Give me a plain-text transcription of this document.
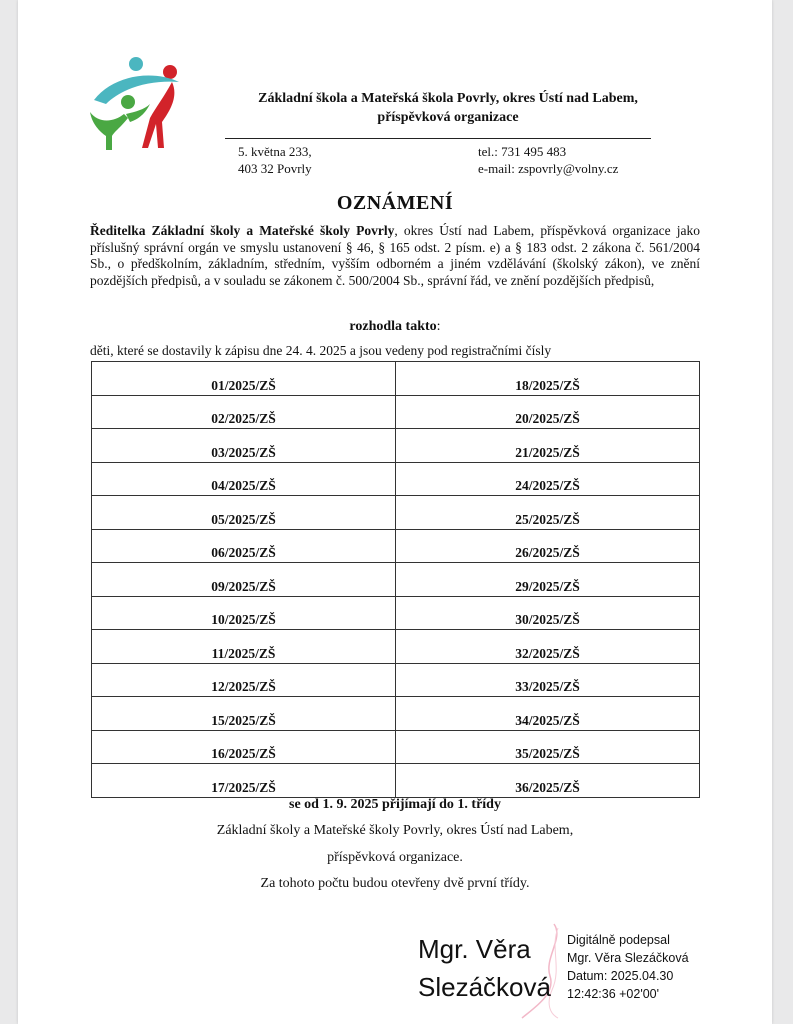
Základní škola a Mateřská škola Povrly, okres Ústí nad Labem,
příspěvková organizace
5. května 233,
403 32 Povrly
tel.: 731 495 483
e-mail: zspovrly@volny.cz
OZNÁMENÍ
Ředitelka Základní školy a Mateřské školy Povrly, okres Ústí nad Labem, příspěvková organizace jako příslušný správní orgán ve smyslu ustanovení § 46, § 165 odst. 2 písm. e) a § 183 odst. 2 zákona č. 561/2004 Sb., o předškolním, základním, středním, vyšším odborném a jiném vzdělávání (školský zákon), ve znění pozdějších předpisů, a v souladu se zákonem č. 500/2004 Sb., správní řád, ve znění pozdějších předpisů,
rozhodla takto:
děti, které se dostavily k zápisu dne 24. 4. 2025 a jsou vedeny pod registračními čísly
01/2025/ZŠ	18/2025/ZŠ
02/2025/ZŠ	20/2025/ZŠ
03/2025/ZŠ	21/2025/ZŠ
04/2025/ZŠ	24/2025/ZŠ
05/2025/ZŠ	25/2025/ZŠ
06/2025/ZŠ	26/2025/ZŠ
09/2025/ZŠ	29/2025/ZŠ
10/2025/ZŠ	30/2025/ZŠ
11/2025/ZŠ	32/2025/ZŠ
12/2025/ZŠ	33/2025/ZŠ
15/2025/ZŠ	34/2025/ZŠ
16/2025/ZŠ	35/2025/ZŠ
17/2025/ZŠ	36/2025/ZŠ
se od 1. 9. 2025 přijímají do 1. třídy
Základní školy a Mateřské školy Povrly, okres Ústí nad Labem,
příspěvková organizace.
Za tohoto počtu budou otevřeny dvě první třídy.
Mgr. Věra
Slezáčková
Digitálně podepsal
Mgr. Věra Slezáčková
Datum: 2025.04.30
12:42:36 +02'00'
